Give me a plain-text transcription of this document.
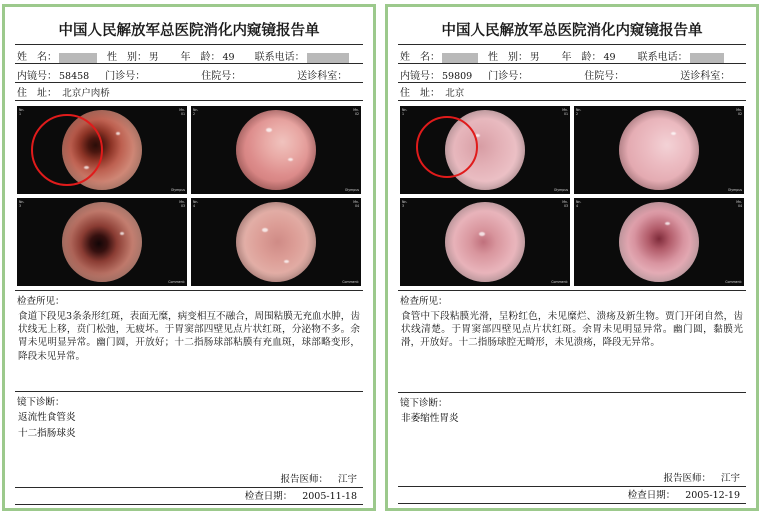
中国人民解放军总医院消化内窥镜报告单
姓　名：	性　别： 男 年　龄： 49 联系电话：
内镜号： 58458 门诊号：	住院号：	送诊科室：
住　址： 北京户肉桥
Nn.
1
Mn.
01
Olympus
Nn.
2
Mn.
02
Olympus
Nn.
3
Mn.
03
Comment:
Nn.
4
Mn.
04
Comment:
检查所见：
食道下段见3条条形红斑，表面无糜，病变相互不融合，周围粘膜无充血水肿，齿状线无上移，贲门松弛，无疲坏。于胃窦部四壁见点片状红斑，分泌物不多。余胃未见明显异常。幽门圆，开放好；十二指肠球部粘膜有充血斑，球部略变形，降段未见异常。
镜下诊断：
返流性食管炎
十二指肠球炎
报告医师： 江宇
检查日期： 2005-11-18
中国人民解放军总医院消化内窥镜报告单
姓　名：	性　别： 男 年　龄： 49 联系电话：
内镜号： 59809 门诊号：	住院号：	送诊科室：
住　址： 北京
Nn.
1
Mn.
01
Olympus
Nn.
2
Mn.
02
Olympus
Nn.
3
Mn.
03
Comment:
Nn.
4
Mn.
04
Comment:
检查所见：
食管中下段粘膜光滑，呈粉红色，未见糜烂、溃疡及新生物。贾门开闭自然，齿状线清楚。于胃窦部四壁见点片状红斑。余胃未见明显异常。幽门圆，黏膜光滑，开放好。十二指肠球腔无畸形，未见溃疡，降段无异常。
镜下诊断：
非萎缩性胃炎
报告医师： 江宇
检查日期： 2005-12-19
